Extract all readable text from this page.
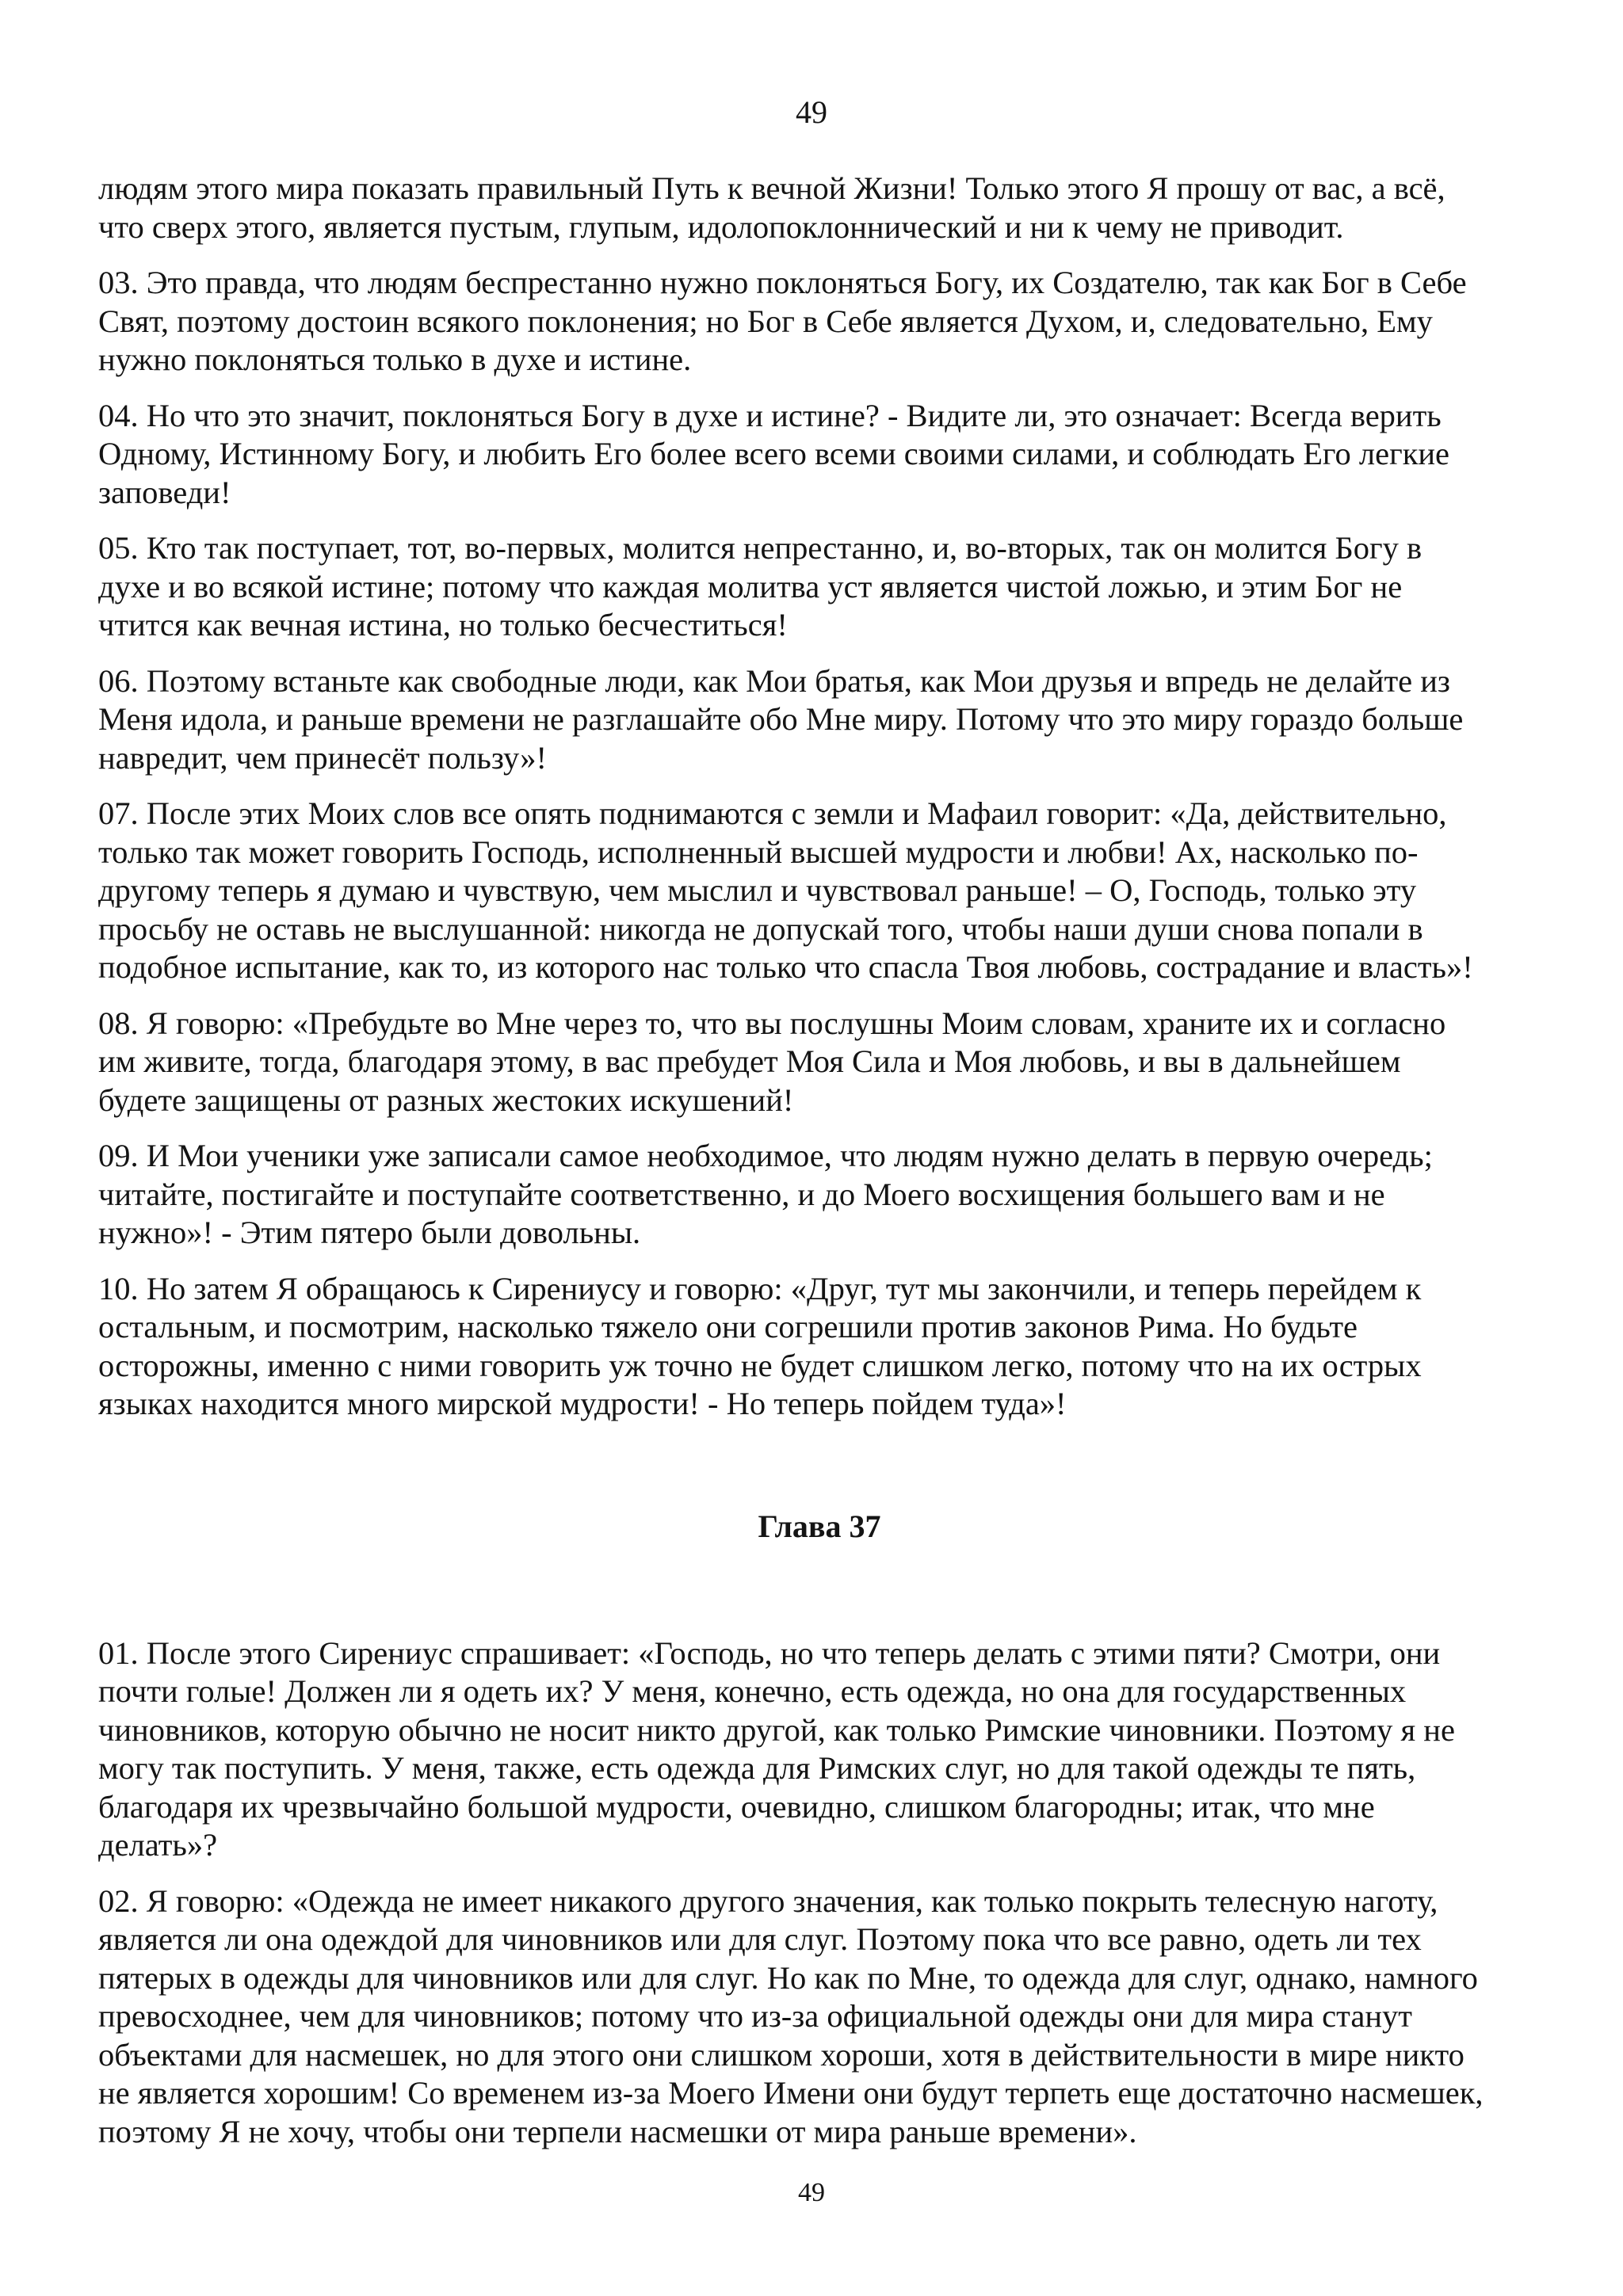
49

людям этого мира показать правильный Путь к вечной Жизни! Только этого Я прошу от вас, а всё,
что сверх этого, является пустым, глупым, идолопоклоннический и ни к чему не приводит.

03. Это правда, что людям беспрестанно нужно поклоняться Богу, их Создателю, так как Бог в Себе
Свят, поэтому достоин всякого поклонения; но Бог в Себе является Духом, и, следовательно, Ему
нужно поклоняться только в духе и истине.

04. Но что это значит, поклоняться Богу в духе и истине? - Видите ли, это означает: Всегда верить
Одному, Истинному Богу, и любить Его более всего всеми своими силами, и соблюдать Его легкие
заповеди!

05. Кто так поступает, тот, во-первых, молится непрестанно, и, во-вторых, так он молится Богу в
духе и во всякой истине; потому что каждая молитва уст является чистой ложью, и этим Бог не
чтится как вечная истина, но только бесчеститься!

06. Поэтому встаньте как свободные люди, как Мои братья, как Мои друзья и впредь не делайте из
Меня идола, и раньше времени не разглашайте обо Мне миру. Потому что это миру гораздо больше
навредит, чем принесёт пользу»!

07. После этих Моих слов все опять поднимаются с земли и Мафаил говорит: «Да, действительно,
только так может говорить Господь, исполненный высшей мудрости и любви! Ах, насколько по-
другому теперь я думаю и чувствую, чем мыслил и чувствовал раньше! – О, Господь, только эту
просьбу не оставь не выслушанной: никогда не допускай того, чтобы наши души снова попали в
подобное испытание, как то, из которого нас только что спасла Твоя любовь, сострадание и власть»!

08. Я говорю: «Пребудьте во Мне через то, что вы послушны Моим словам, храните их и согласно
им живите, тогда, благодаря этому, в вас пребудет Моя Сила и Моя любовь, и вы в дальнейшем
будете защищены от разных жестоких искушений!

09. И Мои ученики уже записали самое необходимое, что людям нужно делать в первую очередь;
читайте, постигайте и поступайте соответственно, и до Моего восхищения большего вам и не
нужно»! - Этим пятеро были довольны.

10. Но затем Я обращаюсь к Сирениусу и говорю: «Друг, тут мы закончили, и теперь перейдем к
остальным, и посмотрим, насколько тяжело они согрешили против законов Рима. Но будьте
осторожны, именно с ними говорить уж точно не будет слишком легко, потому что на их острых
языках находится много мирской мудрости! - Но теперь пойдем туда»!

Глава 37

01. После этого Сирениус спрашивает: «Господь, но что теперь делать с этими пяти? Смотри, они
почти голые! Должен ли я одеть их? У меня, конечно, есть одежда, но она для государственных
чиновников, которую обычно не носит никто другой, как только Римские чиновники. Поэтому я не
могу так поступить. У меня, также, есть одежда для Римских слуг, но для такой одежды те пять,
благодаря их чрезвычайно большой мудрости, очевидно, слишком благородны; итак, что мне
делать»?

02. Я говорю: «Одежда не имеет никакого другого значения, как только покрыть телесную наготу,
является ли она одеждой для чиновников или для слуг. Поэтому пока что все равно, одеть ли тех
пятерых в одежды для чиновников или для слуг. Но как по Мне, то одежда для слуг, однако, намного
превосходнее, чем для чиновников; потому что из-за официальной одежды они для мира станут
объектами для насмешек, но для этого они слишком хороши, хотя в действительности в мире никто
не является хорошим! Со временем из-за Моего Имени они будут терпеть еще достаточно насмешек,
поэтому Я не хочу, чтобы они терпели насмешки от мира раньше времени».

49
